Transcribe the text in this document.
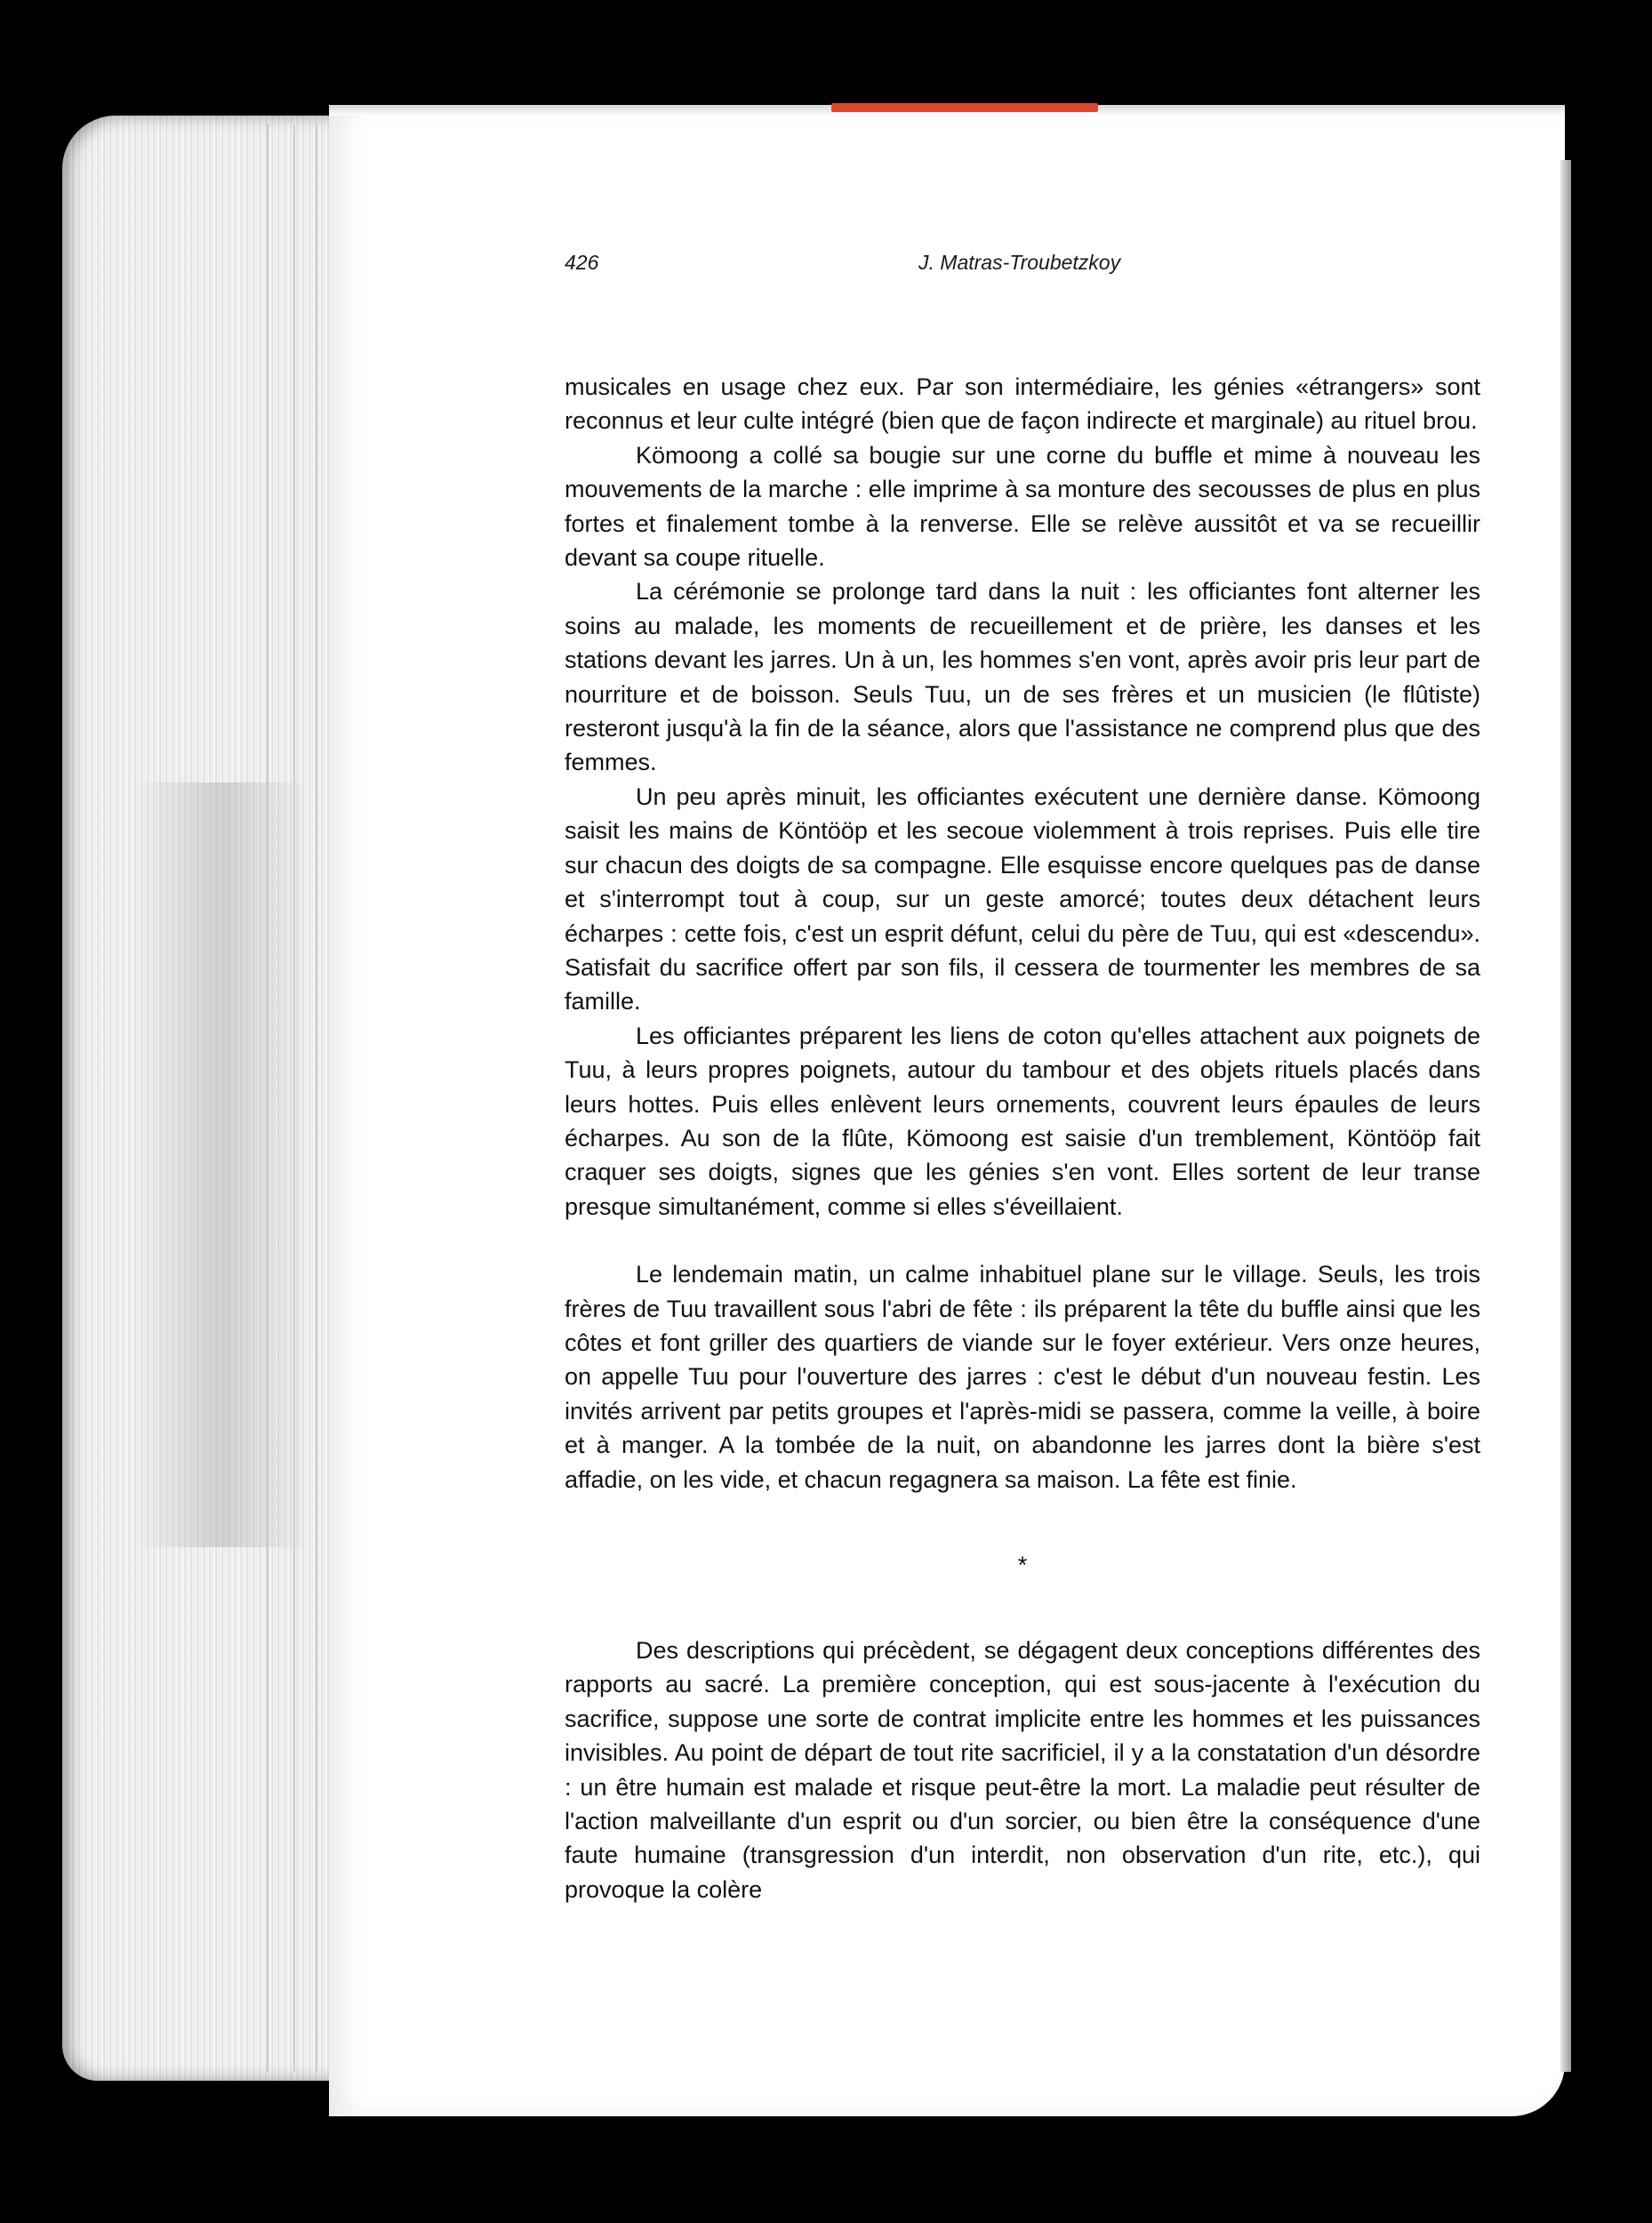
426	J. Matras-Troubetzkoy

musicales en usage chez eux. Par son intermédiaire, les génies «étrangers» sont reconnus et leur culte intégré (bien que de façon indirecte et marginale) au rituel brou.

Kömoong a collé sa bougie sur une corne du buffle et mime à nouveau les mouvements de la marche : elle imprime à sa monture des secousses de plus en plus fortes et finalement tombe à la renverse. Elle se relève aussitôt et va se recueillir devant sa coupe rituelle.

La cérémonie se prolonge tard dans la nuit : les officiantes font alterner les soins au malade, les moments de recueillement et de prière, les danses et les stations devant les jarres. Un à un, les hommes s'en vont, après avoir pris leur part de nourriture et de boisson. Seuls Tuu, un de ses frères et un musicien (le flûtiste) resteront jusqu'à la fin de la séance, alors que l'assistance ne comprend plus que des femmes.

Un peu après minuit, les officiantes exécutent une dernière danse. Kömoong saisit les mains de Köntööp et les secoue violemment à trois reprises. Puis elle tire sur chacun des doigts de sa compagne. Elle esquisse encore quelques pas de danse et s'interrompt tout à coup, sur un geste amorcé; toutes deux détachent leurs écharpes : cette fois, c'est un esprit défunt, celui du père de Tuu, qui est «descendu». Satisfait du sacrifice offert par son fils, il cessera de tourmenter les membres de sa famille.

Les officiantes préparent les liens de coton qu'elles attachent aux poignets de Tuu, à leurs propres poignets, autour du tambour et des objets rituels placés dans leurs hottes. Puis elles enlèvent leurs ornements, couvrent leurs épaules de leurs écharpes. Au son de la flûte, Kömoong est saisie d'un tremblement, Köntööp fait craquer ses doigts, signes que les génies s'en vont. Elles sortent de leur transe presque simultanément, comme si elles s'éveillaient.

Le lendemain matin, un calme inhabituel plane sur le village. Seuls, les trois frères de Tuu travaillent sous l'abri de fête : ils préparent la tête du buffle ainsi que les côtes et font griller des quartiers de viande sur le foyer extérieur. Vers onze heures, on appelle Tuu pour l'ouverture des jarres : c'est le début d'un nouveau festin. Les invités arrivent par petits groupes et l'après-midi se passera, comme la veille, à boire et à manger. A la tombée de la nuit, on abandonne les jarres dont la bière s'est affadie, on les vide, et chacun regagnera sa maison. La fête est finie.

*

Des descriptions qui précèdent, se dégagent deux conceptions différentes des rapports au sacré. La première conception, qui est sous-jacente à l'exécution du sacrifice, suppose une sorte de contrat implicite entre les hommes et les puissances invisibles. Au point de départ de tout rite sacrificiel, il y a la constatation d'un désordre : un être humain est malade et risque peut-être la mort. La maladie peut résulter de l'action malveillante d'un esprit ou d'un sorcier, ou bien être la conséquence d'une faute humaine (transgression d'un interdit, non observation d'un rite, etc.), qui provoque la colère
